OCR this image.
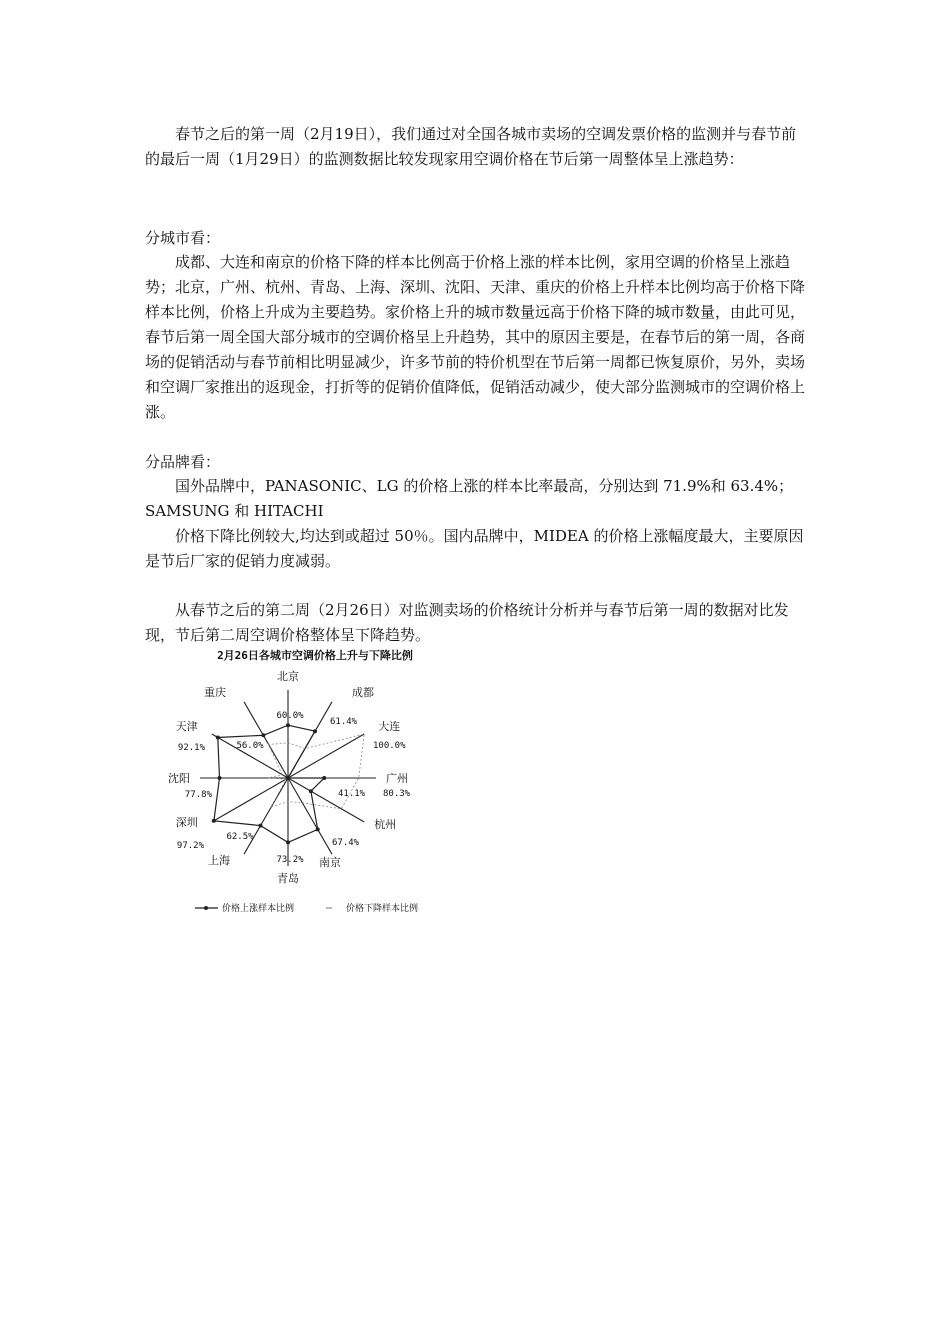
春节之后的第一周（2月19日），我们通过对全国各城市卖场的空调发票价格的监测并与春节前的最后一周（1月29日）的监测数据比较发现家用空调价格在节后第一周整体呈上涨趋势：

分城市看：

成都、大连和南京的价格下降的样本比例高于价格上涨的样本比例，家用空调的价格呈上涨趋势；北京，广州、杭州、青岛、上海、深圳、沈阳、天津、重庆的价格上升样本比例均高于价格下降样本比例，价格上升成为主要趋势。家价格上升的城市数量远高于价格下降的城市数量，由此可见，春节后第一周全国大部分城市的空调价格呈上升趋势，其中的原因主要是，在春节后的第一周，各商场的促销活动与春节前相比明显减少，许多节前的特价机型在节后第一周都已恢复原价，另外，卖场和空调厂家推出的返现金，打折等的促销价值降低，促销活动减少，使大部分监测城市的空调价格上涨。

分品牌看：

国外品牌中，PANASONIC、LG 的价格上涨的样本比率最高，分别达到 71.9%和 63.4%；SAMSUNG 和 HITACHI

价格下降比例较大,均达到或超过 50％。国内品牌中，MIDEA 的价格上涨幅度最大，主要原因是节后厂家的促销力度减弱。

从春节之后的第二周（2月26日）对监测卖场的价格统计分析并与春节后第一周的数据对比发现，节后第二周空调价格整体呈下降趋势。

2月26日各城市空调价格上升与下降比例
北京
成都
大连
广州
杭州
南京
青岛
上海
深圳
沈阳
天津
重庆
60.0%
61.4%
100.0%
80.3%
41.1%
67.4%
73.2%
62.5%
97.2%
77.8%
92.1%	56.0%
价格上涨样本比例	价格下降样本比例
